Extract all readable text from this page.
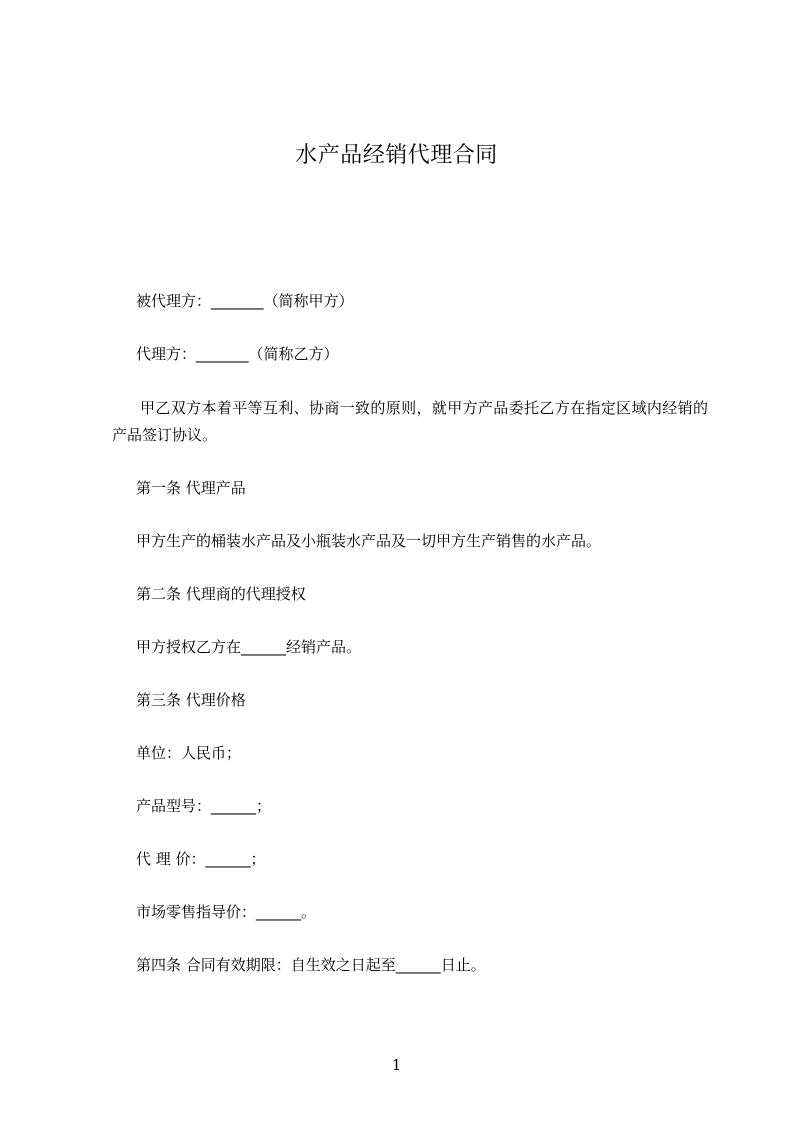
水产品经销代理合同
被代理方：_______（简称甲方）
代理方：_______（简称乙方）
甲乙双方本着平等互利、协商一致的原则，就甲方产品委托乙方在指定区域内经销的产品签订协议。
第一条 代理产品
甲方生产的桶装水产品及小瓶装水产品及一切甲方生产销售的水产品。
第二条 代理商的代理授权
甲方授权乙方在______经销产品。
第三条 代理价格
单位：人民币；
产品型号：______；
代 理 价：______；
市场零售指导价：______。
第四条 合同有效期限：自生效之日起至______日止。
1
